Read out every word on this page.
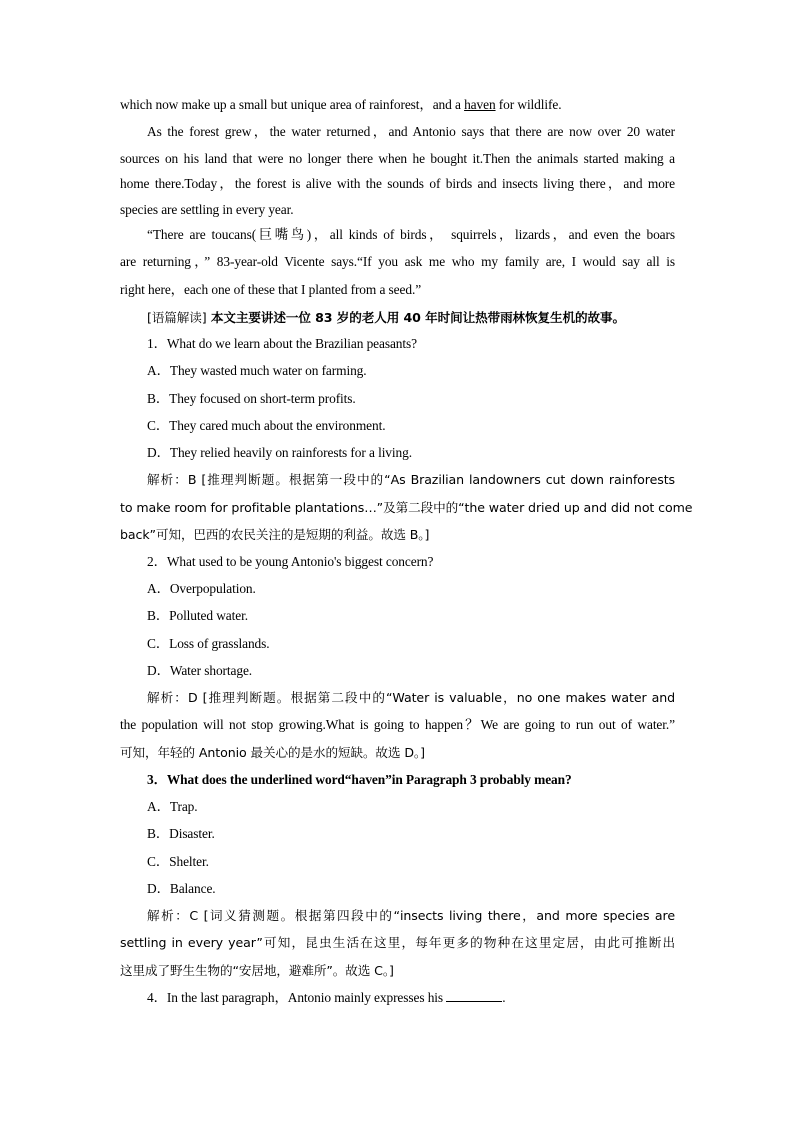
which now make up a small but unique area of rainforest，and a haven for wildlife.
As the forest grew，the water returned，and Antonio says that there are now over 20 water
sources on his land that were no longer there when he bought it.Then the animals started making a
home there.Today，the forest is alive with the sounds of birds and insects living there，and more
species are settling in every year.
“There are toucans(巨嘴鸟)，all kinds of birds， squirrels，lizards，and even the boars
are returning，” 83-year-old Vicente says.“If you ask me who my family are, I would say all is
right here，each one of these that I planted from a seed.”
[语篇解读] 本文主要讲述一位 83 岁的老人用 40 年时间让热带雨林恢复生机的故事。
1．What do we learn about the Brazilian peasants?
A．They wasted much water on farming.
B．They focused on short-term profits.
C．They cared much about the environment.
D．They relied heavily on rainforests for a living.
解析：B [推理判断题。根据第一段中的“As Brazilian landowners cut down rainforests
to make room for profitable plantations…”及第二段中的“the water dried up and did not come
back”可知，巴西的农民关注的是短期的利益。故选 B。]
2．What used to be young Antonio's biggest concern?
A．Overpopulation.
B．Polluted water.
C．Loss of grasslands.
D．Water shortage.
解析：D [推理判断题。根据第二段中的“Water is valuable，no one makes water and
the population will not stop growing.What is going to happen？We are going to run out of water.”
可知，年轻的 Antonio 最关心的是水的短缺。故选 D。]
3．What does the underlined word“haven”in Paragraph 3 probably mean?
A．Trap.
B．Disaster.
C．Shelter.
D．Balance.
解析：C [词义猜测题。根据第四段中的“insects living there，and more species are
settling in every year”可知，昆虫生活在这里，每年更多的物种在这里定居，由此可推断出
这里成了野生生物的“安居地，避难所”。故选 C。]
4．In the last paragraph，Antonio mainly expresses his	.
